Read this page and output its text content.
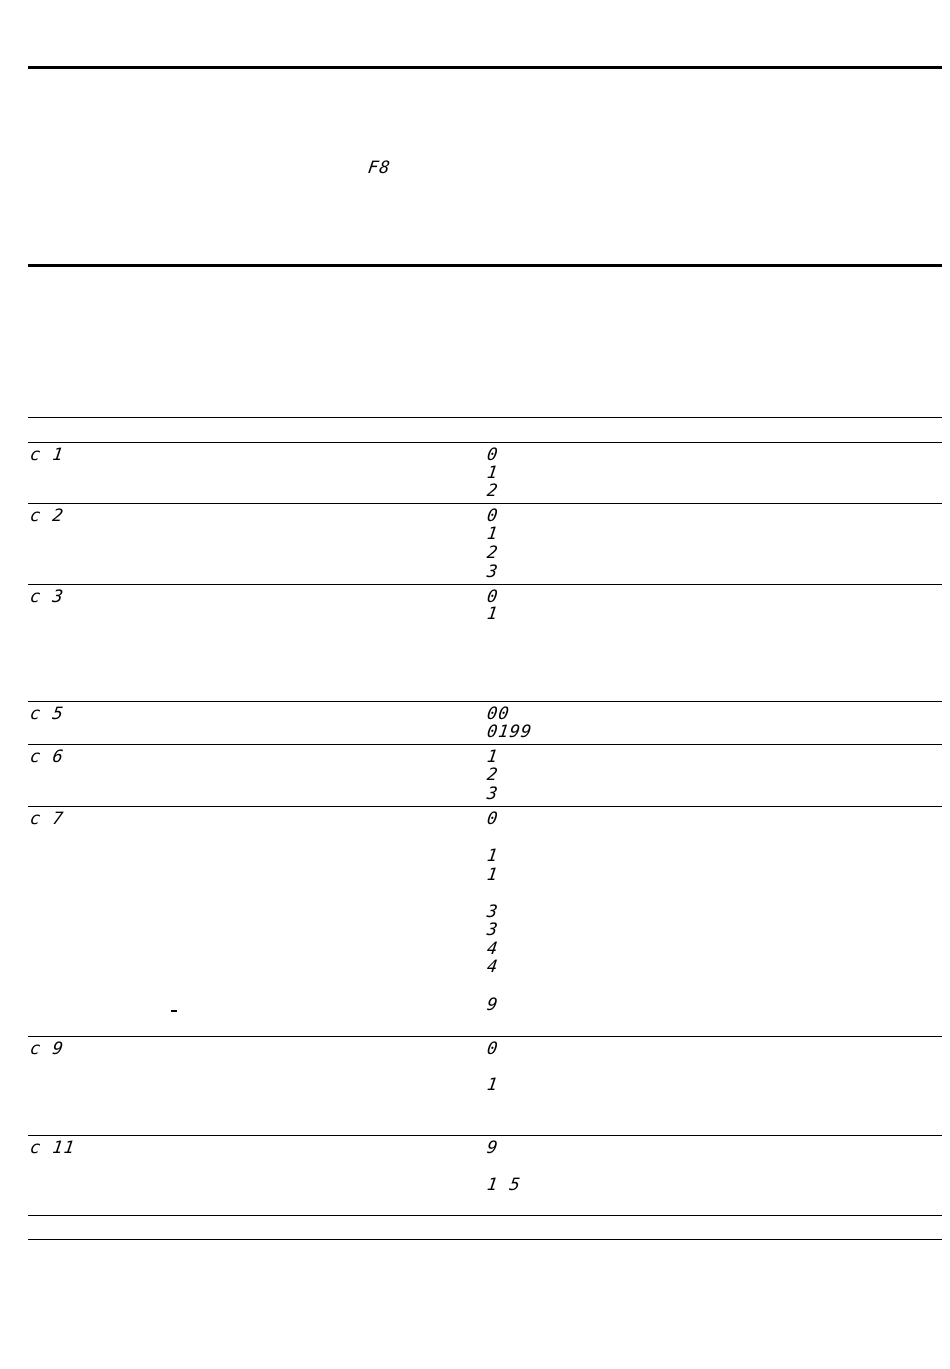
F8
c 1	0
1
2
c 2	0
1
2
3
c 3	0
1
c 5	00
0199
c 6	1
2
3
c 7	0
1
1
3
3
4
4
9
c 9	0
1
c 11	9
1 5
